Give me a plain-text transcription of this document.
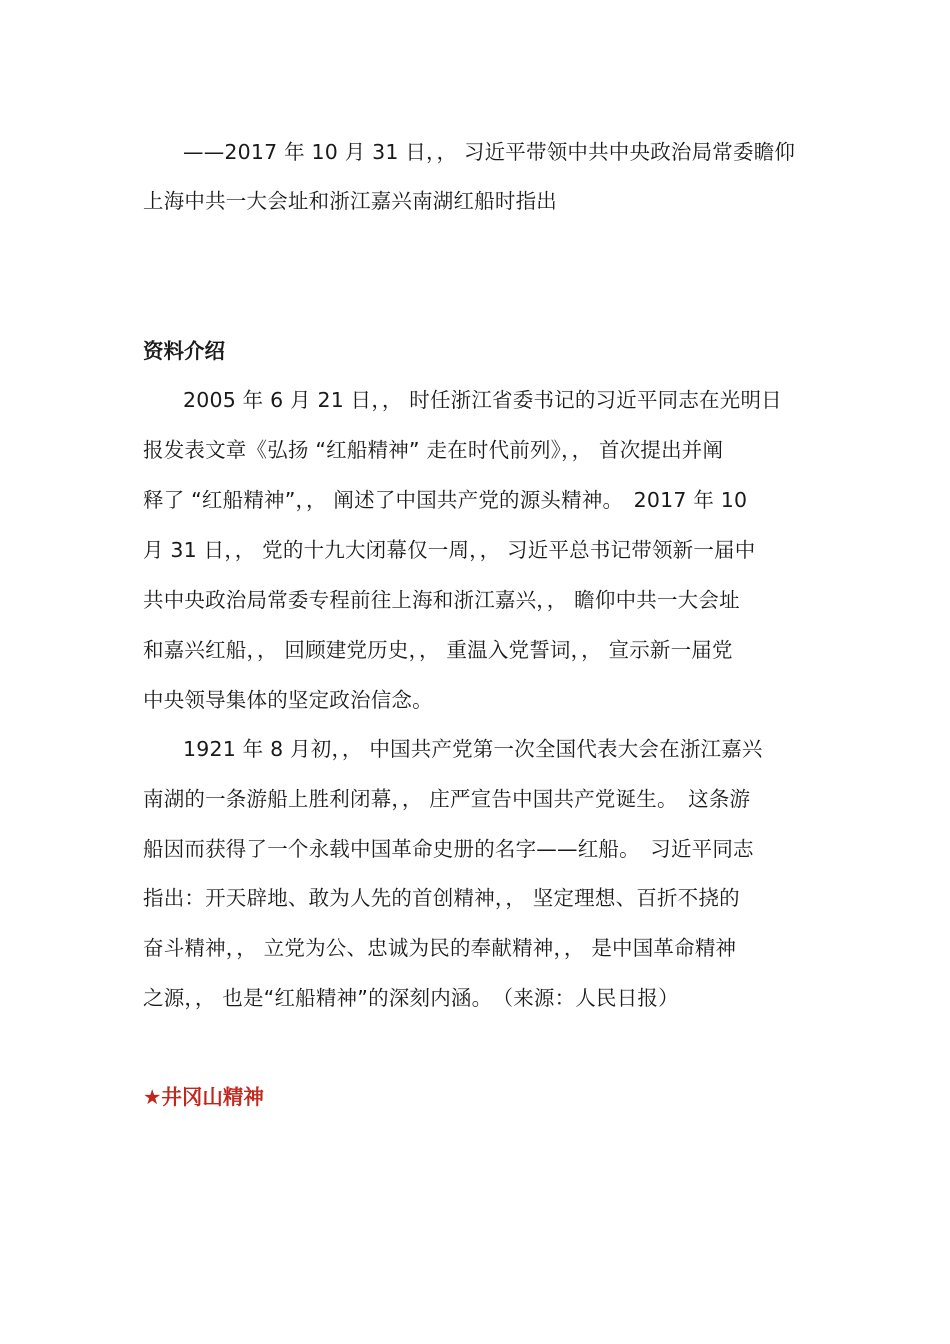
——2017 年 10 月 31 日，， 习近平带领中共中央政治局常委瞻仰
上海中共一大会址和浙江嘉兴南湖红船时指出
资料介绍
2005 年 6 月 21 日，， 时任浙江省委书记的习近平同志在光明日
报发表文章《弘扬 “红船精神” 走在时代前列》，， 首次提出并阐
释了 “红船精神”，， 阐述了中国共产党的源头精神。　2017 年 10
月 31 日，， 党的十九大闭幕仅一周，， 习近平总书记带领新一届中
共中央政治局常委专程前往上海和浙江嘉兴，， 瞻仰中共一大会址
和嘉兴红船，， 回顾建党历史，， 重温入党誓词，， 宣示新一届党
中央领导集体的坚定政治信念。
1921 年 8 月初，， 中国共产党第一次全国代表大会在浙江嘉兴
南湖的一条游船上胜利闭幕，， 庄严宣告中国共产党诞生。　这条游
船因而获得了一个永载中国革命史册的名字——红船。　习近平同志
指出：开天辟地、敢为人先的首创精神，， 坚定理想、百折不挠的
奋斗精神，， 立党为公、忠诚为民的奉献精神，， 是中国革命精神
之源，， 也是“红船精神”的深刻内涵。　（来源：人民日报）
★井冈山精神
